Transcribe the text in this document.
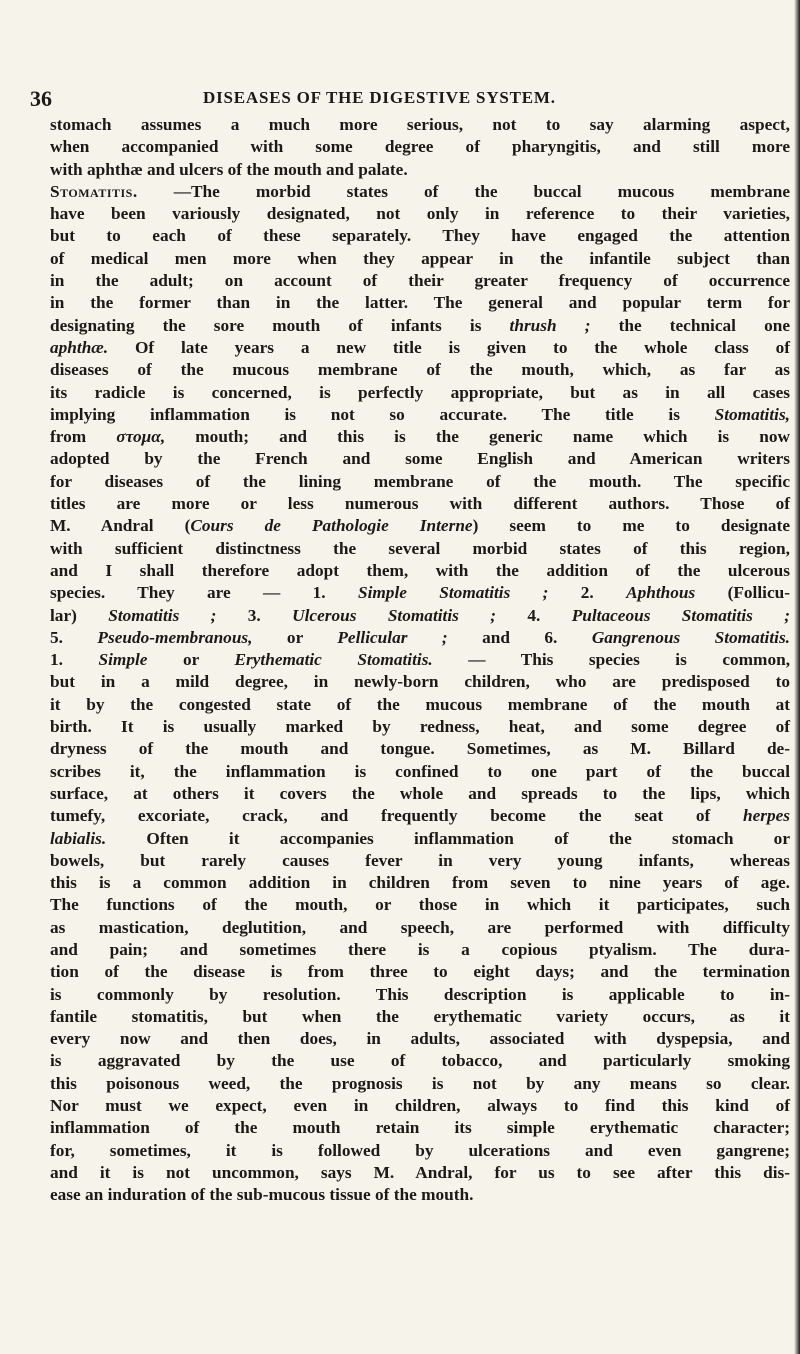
36	DISEASES OF THE DIGESTIVE SYSTEM.
stomach assumes a much more serious, not to say alarming aspect,
when accompanied with some degree of pharyngitis, and still more
with aphthæ and ulcers of the mouth and palate.
Stomatitis. —The morbid states of the buccal mucous membrane
have been variously designated, not only in reference to their varieties,
but to each of these separately. They have engaged the attention
of medical men more when they appear in the infantile subject than
in the adult; on account of their greater frequency of occurrence
in the former than in the latter. The general and popular term for
designating the sore mouth of infants is thrush ; the technical one
aphthæ. Of late years a new title is given to the whole class of
diseases of the mucous membrane of the mouth, which, as far as
its radicle is concerned, is perfectly appropriate, but as in all cases
implying inflammation is not so accurate. The title is Stomatitis,
from στομα, mouth; and this is the generic name which is now
adopted by the French and some English and American writers
for diseases of the lining membrane of the mouth. The specific
titles are more or less numerous with different authors. Those of
M. Andral (Cours de Pathologie Interne) seem to me to designate
with sufficient distinctness the several morbid states of this region,
and I shall therefore adopt them, with the addition of the ulcerous
species. They are — 1. Simple Stomatitis ; 2. Aphthous (Follicu-
lar) Stomatitis ; 3. Ulcerous Stomatitis ; 4. Pultaceous Stomatitis ;
5. Pseudo-membranous, or Pellicular ; and 6. Gangrenous Stomatitis.
1. Simple or Erythematic Stomatitis. — This species is common,
but in a mild degree, in newly-born children, who are predisposed to
it by the congested state of the mucous membrane of the mouth at
birth. It is usually marked by redness, heat, and some degree of
dryness of the mouth and tongue. Sometimes, as M. Billard de-
scribes it, the inflammation is confined to one part of the buccal
surface, at others it covers the whole and spreads to the lips, which
tumefy, excoriate, crack, and frequently become the seat of herpes
labialis. Often it accompanies inflammation of the stomach or
bowels, but rarely causes fever in very young infants, whereas
this is a common addition in children from seven to nine years of age.
The functions of the mouth, or those in which it participates, such
as mastication, deglutition, and speech, are performed with difficulty
and pain; and sometimes there is a copious ptyalism. The dura-
tion of the disease is from three to eight days; and the termination
is commonly by resolution. This description is applicable to in-
fantile stomatitis, but when the erythematic variety occurs, as it
every now and then does, in adults, associated with dyspepsia, and
is aggravated by the use of tobacco, and particularly smoking
this poisonous weed, the prognosis is not by any means so clear.
Nor must we expect, even in children, always to find this kind of
inflammation of the mouth retain its simple erythematic character;
for, sometimes, it is followed by ulcerations and even gangrene;
and it is not uncommon, says M. Andral, for us to see after this dis-
ease an induration of the sub-mucous tissue of the mouth.
